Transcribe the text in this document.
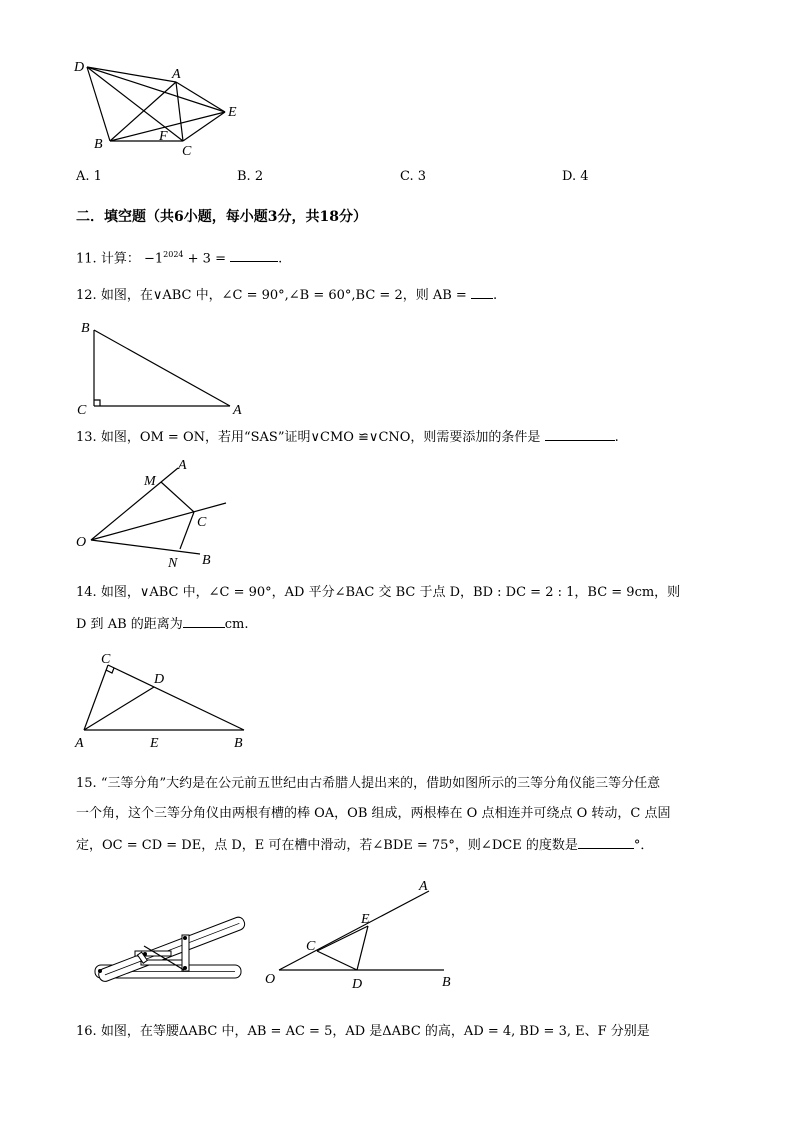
D	A
E
B
F
C
A. 1	B. 2	C. 3	D. 4
二．填空题（共6小题，每小题3分，共18分）
11. 计算： $-1^{2024} + 3$ =	.
12. 如图，在∨ABC 中，∠C = 90°,∠B = 60°,BC = 2，则 AB = .
B
C	A
13. 如图，OM = ON，若用“SAS”证明∨CMO ≌∨CNO，则需要添加的条件是	.
A
M
C
O
N B
14. 如图，∨ABC 中，∠C = 90°，AD 平分∠BAC 交 BC 于点 D，BD : DC = 2 : 1，BC = 9cm，则
D 到 AB 的距离为	cm.
C
D
A	E	B
15. “三等分角”大约是在公元前五世纪由古希腊人提出来的，借助如图所示的三等分角仪能三等分任意
一个角，这个三等分角仪由两根有槽的棒 OA，OB 组成，两根棒在 O 点相连并可绕点 O 转动，C 点固
定，OC = CD = DE，点 D，E 可在槽中滑动，若∠BDE = 75°，则∠DCE 的度数是	°．
A
E
C
O	D	B
16. 如图，在等腰ΔABC 中，AB = AC = 5，AD 是ΔABC 的高，AD = 4, BD = 3, E、F 分别是
